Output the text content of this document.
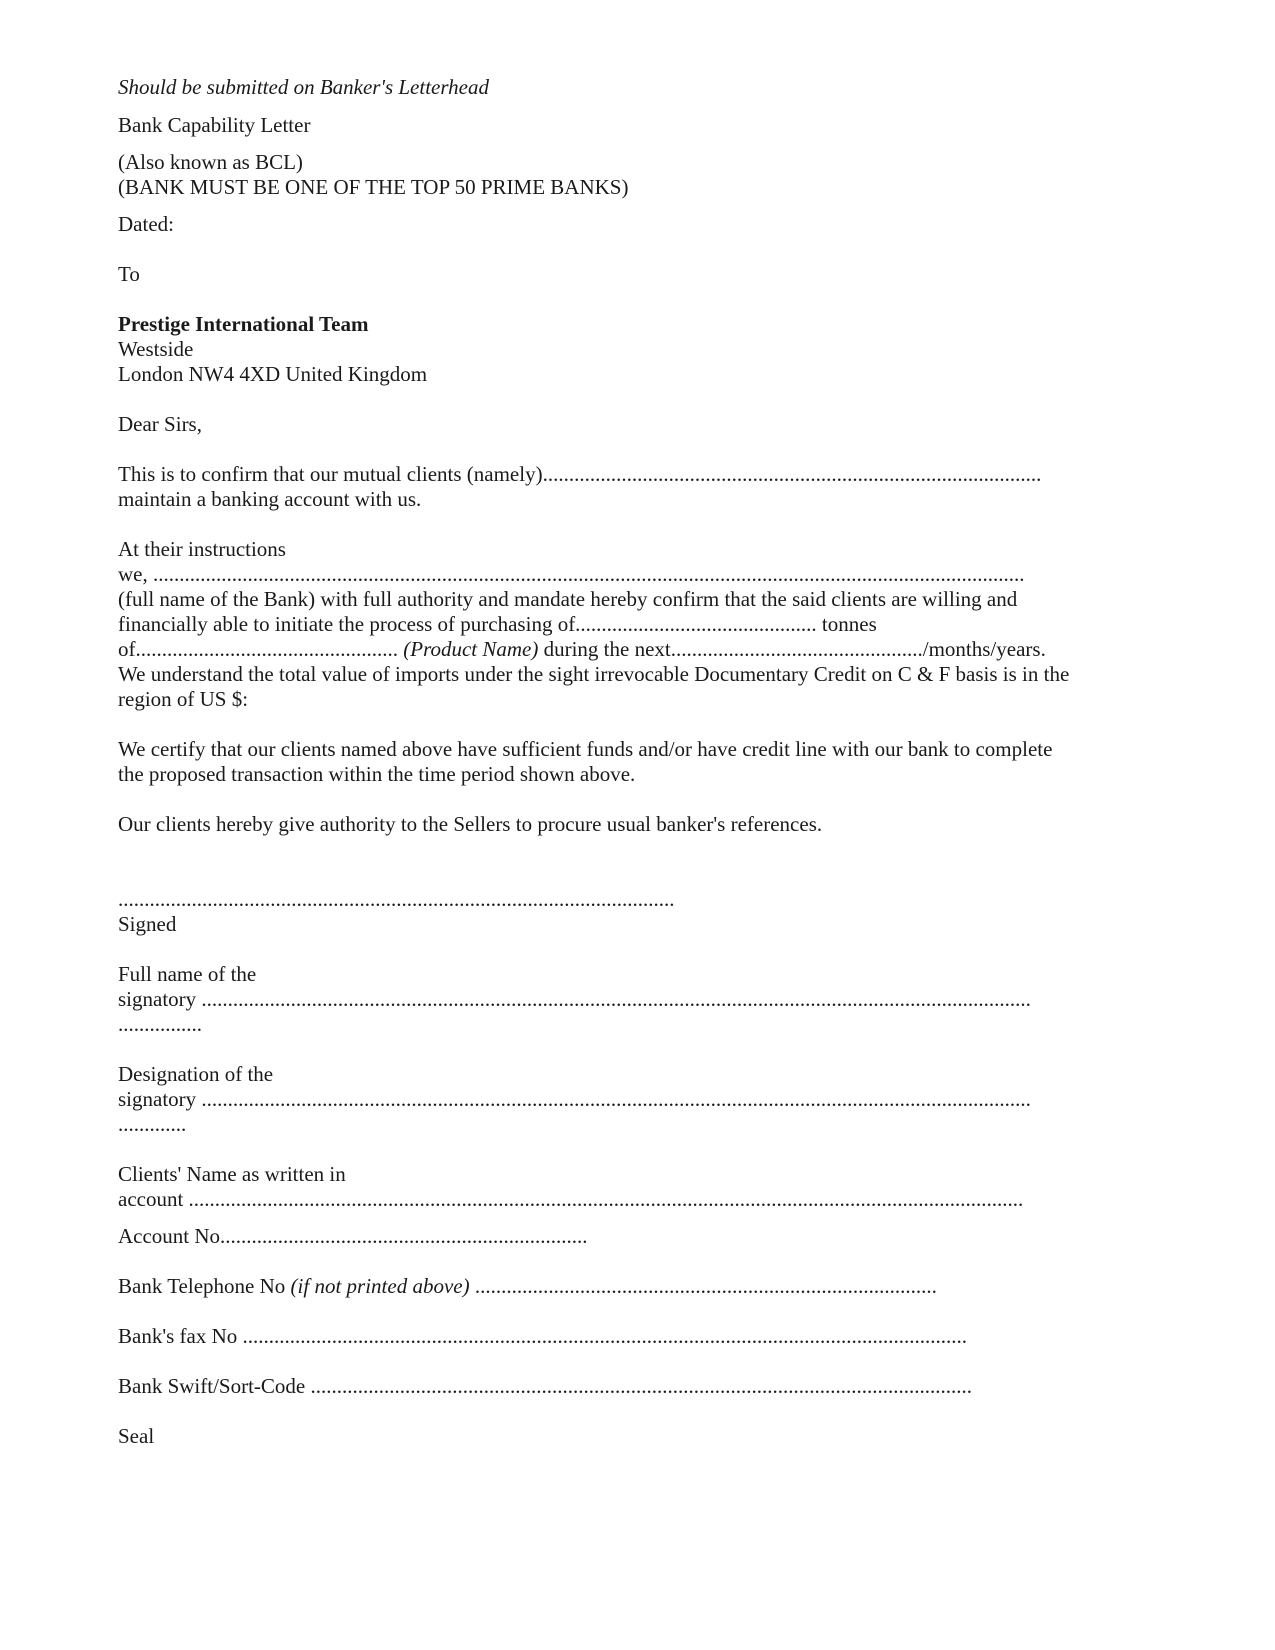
Should be submitted on Banker's Letterhead
Bank Capability Letter
(Also known as BCL)
(BANK MUST BE ONE OF THE TOP 50 PRIME BANKS)
Dated:
To
Prestige International Team
Westside
London NW4 4XD United Kingdom
Dear Sirs,
This is to confirm that our mutual clients (namely)...............................................................................................
maintain a banking account with us.
At their instructions
we, ......................................................................................................................................................................
(full name of the Bank) with full authority and mandate hereby confirm that the said clients are willing and
financially able to initiate the process of purchasing of.............................................. tonnes
of.................................................. (Product Name) during the next................................................/months/years.
We understand the total value of imports under the sight irrevocable Documentary Credit on C & F basis is in the
region of US $:
We certify that our clients named above have sufficient funds and/or have credit line with our bank to complete
the proposed transaction within the time period shown above.
Our clients hereby give authority to the Sellers to procure usual banker's references.
..........................................................................................................
Signed
Full name of the
signatory ..............................................................................................................................................................
................
Designation of the
signatory ..............................................................................................................................................................
.............
Clients' Name as written in
account ...............................................................................................................................................................
Account No......................................................................
Bank Telephone No (if not printed above) ........................................................................................
Bank's fax No ..........................................................................................................................................
Bank Swift/Sort-Code ..............................................................................................................................
Seal
